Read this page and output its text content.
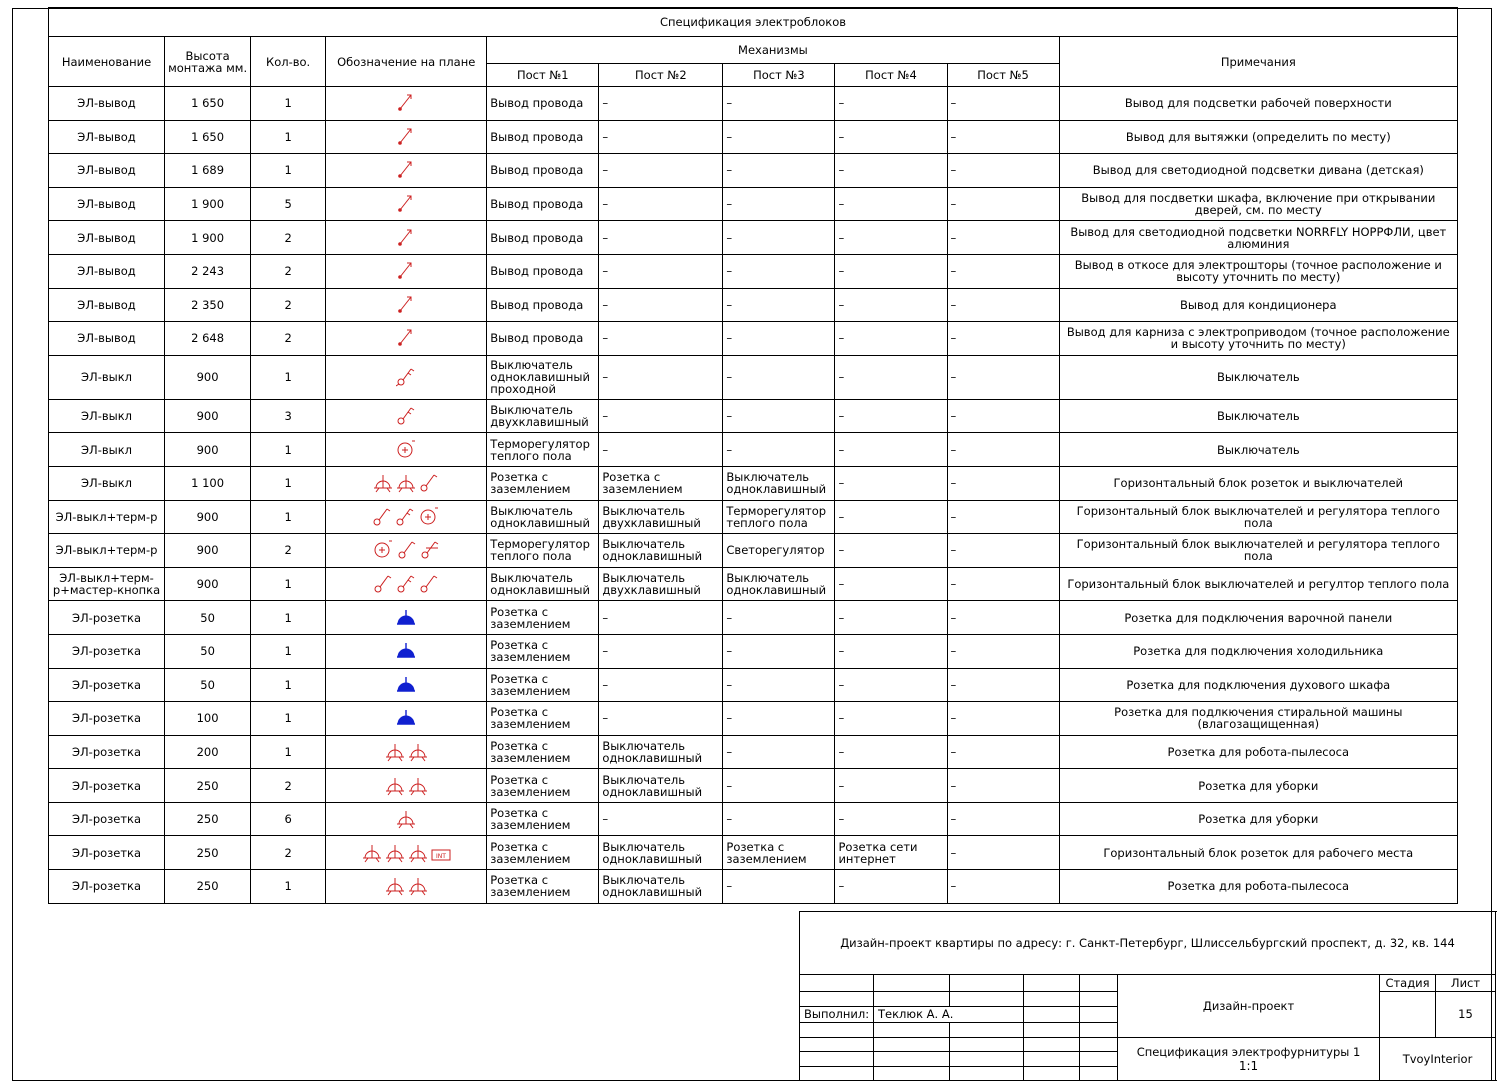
Спецификация электроблоков									
Наименование	Высота монтажа мм.	Кол-во.	Обозначение на плане	Механизмы					Примечания
				Пост №1	Пост №2	Пост №3	Пост №4	Пост №5	
ЭЛ-вывод	1 650	1		Вывод провода	–	–	–	–	Вывод для подсветки рабочей поверхности
ЭЛ-вывод	1 650	1		Вывод провода	–	–	–	–	Вывод для вытяжки (определить по месту)
ЭЛ-вывод	1 689	1		Вывод провода	–	–	–	–	Вывод для светодиодной подсветки дивана (детская)
ЭЛ-вывод	1 900	5		Вывод провода	–	–	–	–	Вывод для посдветки шкафа, включение при открывании дверей, см. по месту
ЭЛ-вывод	1 900	2		Вывод провода	–	–	–	–	Вывод для светодиодной подсветки NORRFLY НОРРФЛИ, цвет алюминия
ЭЛ-вывод	2 243	2		Вывод провода	–	–	–	–	Вывод в откосе для электрошторы (точное расположение и высоту уточнить по месту)
ЭЛ-вывод	2 350	2		Вывод провода	–	–	–	–	Вывод для кондиционера
ЭЛ-вывод	2 648	2		Вывод провода	–	–	–	–	Вывод для карниза с электроприводом (точное расположение и высоту уточнить по месту)
ЭЛ-выкл	900	1		Выключатель одноклавишный проходной	–	–	–	–	Выключатель
ЭЛ-выкл	900	3		Выключатель двухклавишный	–	–	–	–	Выключатель
ЭЛ-выкл	900	1		Терморегулятор теплого пола	–	–	–	–	Выключатель
ЭЛ-выкл	1 100	1		Розетка с заземлением	Розетка с заземлением	Выключатель одноклавишный	–	–	Горизонтальный блок розеток и выключателей
ЭЛ-выкл+терм-р	900	1		Выключатель одноклавишный	Выключатель двухклавишный	Терморегулятор теплого пола	–	–	Горизонтальный блок выключателей и регулятора теплого пола
ЭЛ-выкл+терм-р	900	2		Терморегулятор теплого пола	Выключатель одноклавишный	Светорегулятор	–	–	Горизонтальный блок выключателей и регулятора теплого пола
ЭЛ-выкл+терм-р+мастер-кнопка	900	1		Выключатель одноклавишный	Выключатель двухклавишный	Выключатель одноклавишный	–	–	Горизонтальный блок выключателей и регултор теплого пола
ЭЛ-розетка	50	1		Розетка с заземлением	–	–	–	–	Розетка для подключения варочной панели
ЭЛ-розетка	50	1		Розетка с заземлением	–	–	–	–	Розетка для подключения холодильника
ЭЛ-розетка	50	1		Розетка с заземлением	–	–	–	–	Розетка для подключения духового шкафа
ЭЛ-розетка	100	1		Розетка с заземлением	–	–	–	–	Розетка для подлкючения стиральной машины (влагозащищенная)
ЭЛ-розетка	200	1		Розетка с заземлением	Выключатель одноклавишный	–	–	–	Розетка для робота-пылесоса
ЭЛ-розетка	250	2		Розетка с заземлением	Выключатель одноклавишный	–	–	–	Розетка для уборки
ЭЛ-розетка	250	6		Розетка с заземлением	–	–	–	–	Розетка для уборки
ЭЛ-розетка	250	2	INT	Розетка с заземлением	Выключатель одноклавишный	Розетка с заземлением	Розетка сети интернет	–	Горизонтальный блок розеток для рабочего места
ЭЛ-розетка	250	1		Розетка с заземлением	Выключатель одноклавишный	–	–	–	Розетка для робота-пылесоса
Дизайн-проект квартиры по адресу: г. Санкт-Петербург, Шлиссельбургский проспект, д. 32, кв. 144								
					Дизайн-проект	Стадия	Лист	
							15	
Выполнил:	Теклюк А. А.							

					Спецификация электрофурнитуры 1
1:1	TvoyInterior		
